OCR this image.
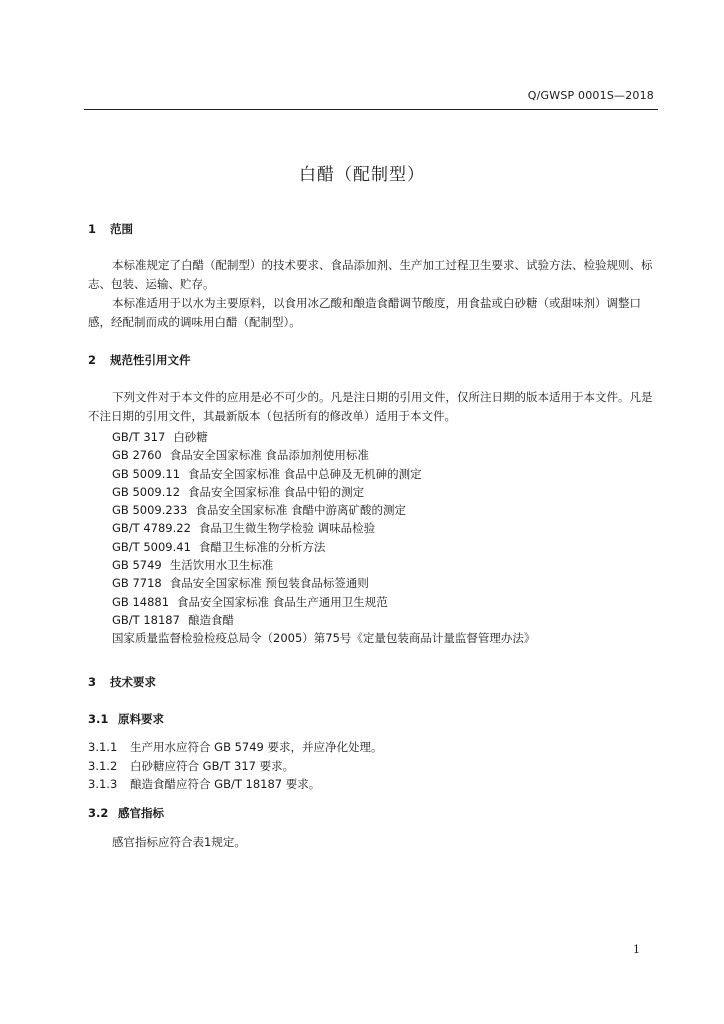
Q/GWSP 0001S—2018
白醋（配制型）
1 范围

本标准规定了白醋（配制型）的技术要求、食品添加剂、生产加工过程卫生要求、试验方法、检验规则、标志、包装、运输、贮存。

本标准适用于以水为主要原料，以食用冰乙酸和酿造食醋调节酸度，用食盐或白砂糖（或甜味剂）调整口感，经配制而成的调味用白醋（配制型）。

2 规范性引用文件

下列文件对于本文件的应用是必不可少的。凡是注日期的引用文件，仅所注日期的版本适用于本文件。凡是不注日期的引用文件，其最新版本（包括所有的修改单）适用于本文件。

GB/T 317 白砂糖

GB 2760 食品安全国家标准 食品添加剂使用标准

GB 5009.11 食品安全国家标准 食品中总砷及无机砷的测定

GB 5009.12 食品安全国家标准 食品中铅的测定

GB 5009.233 食品安全国家标准 食醋中游离矿酸的测定

GB/T 4789.22 食品卫生微生物学检验 调味品检验

GB/T 5009.41 食醋卫生标准的分析方法

GB 5749 生活饮用水卫生标准

GB 7718 食品安全国家标准 预包装食品标签通则

GB 14881 食品安全国家标准 食品生产通用卫生规范

GB/T 18187 酿造食醋

国家质量监督检验检疫总局令（2005）第75号《定量包装商品计量监督管理办法》

3 技术要求
3.1 原料要求

3.1.1 生产用水应符合 GB 5749 要求，并应净化处理。

3.1.2 白砂糖应符合 GB/T 317 要求。

3.1.3 酿造食醋应符合 GB/T 18187 要求。

3.2 感官指标

感官指标应符合表1规定。

1
